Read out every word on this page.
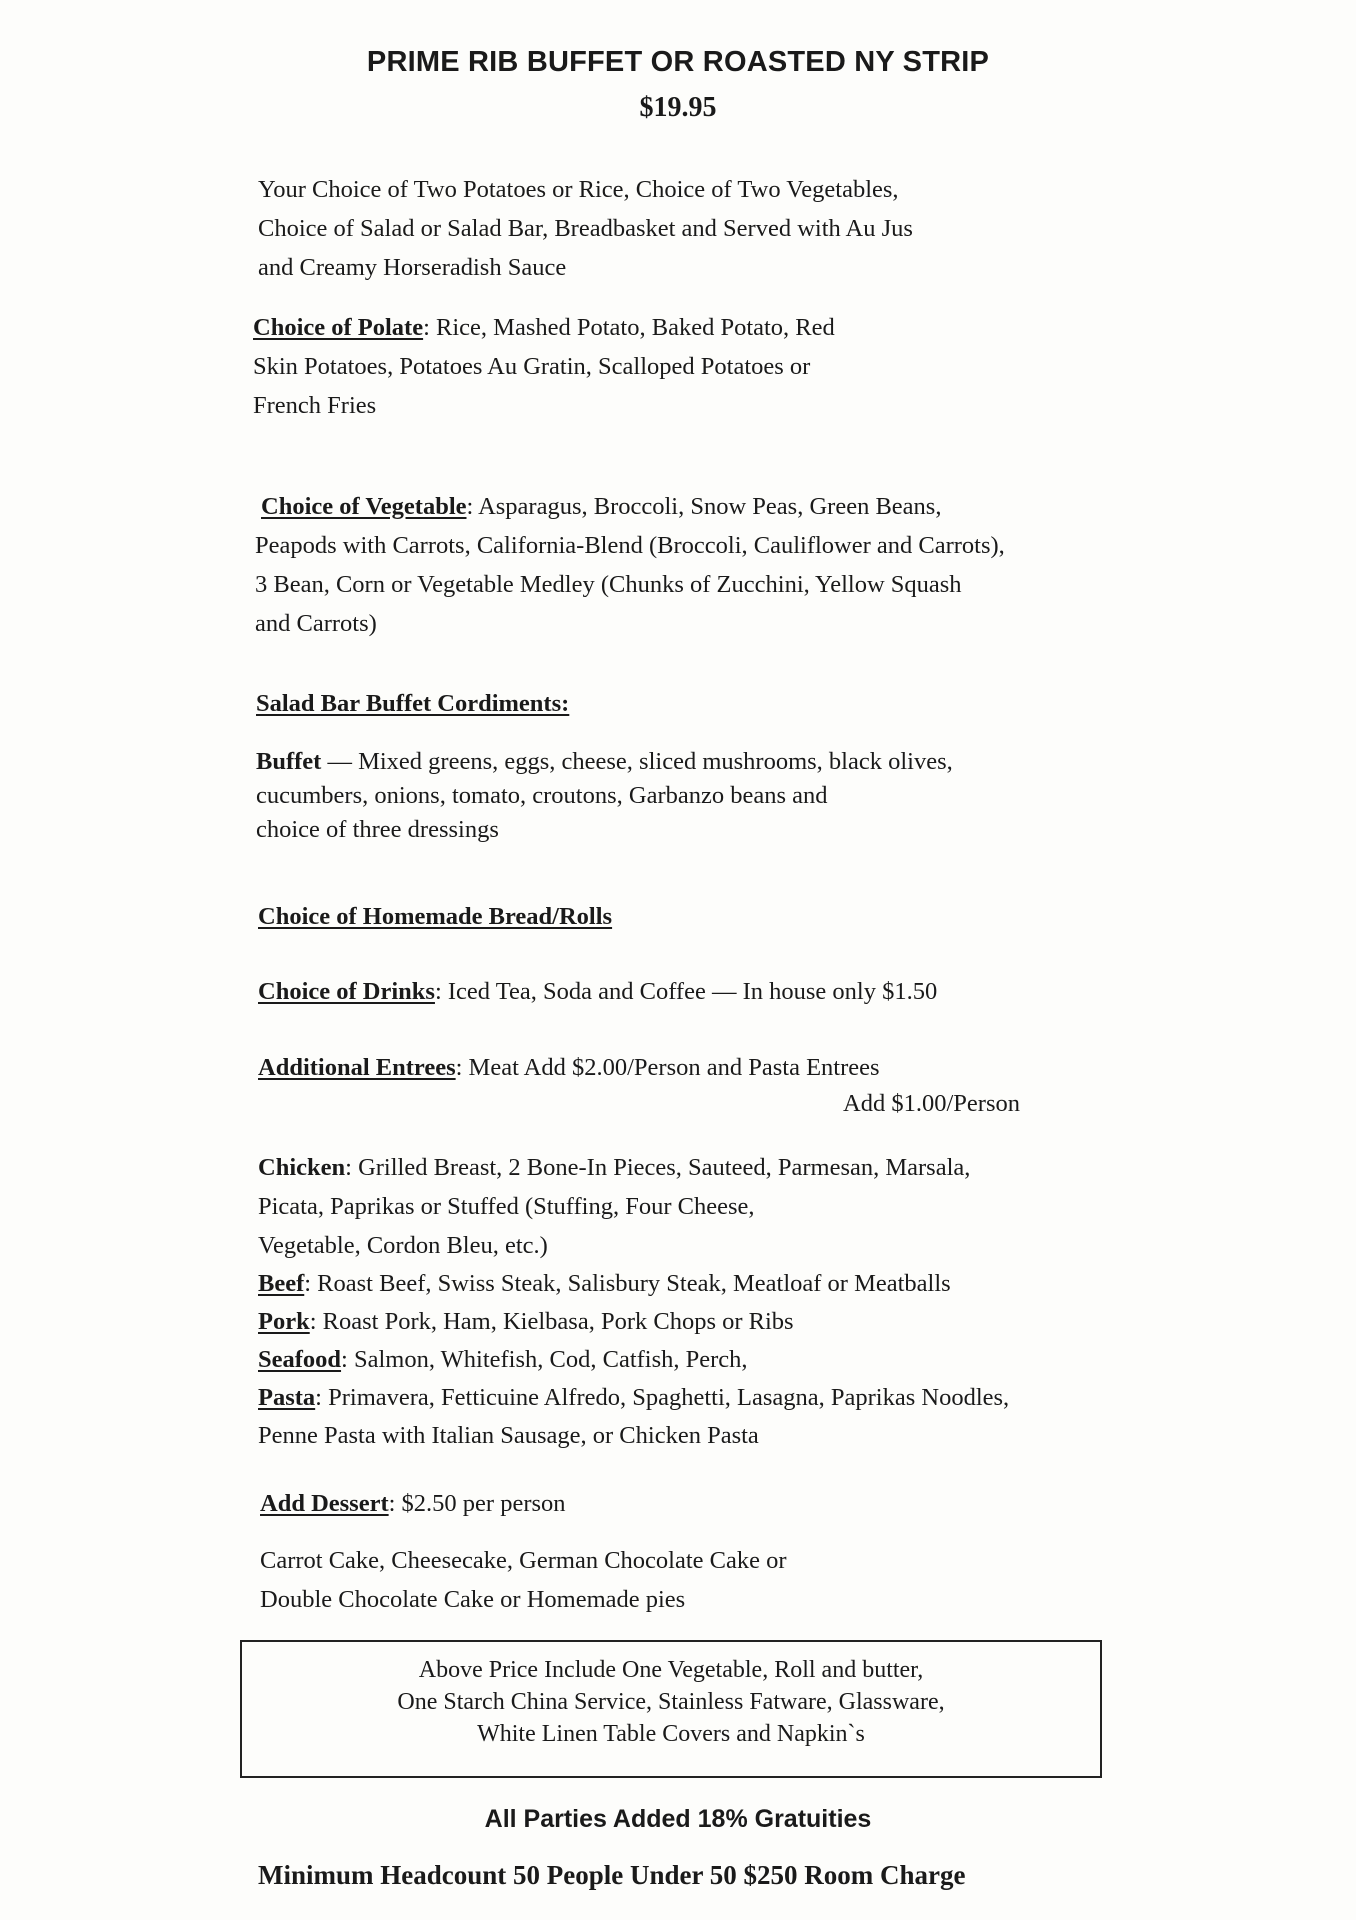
PRIME RIB BUFFET OR ROASTED NY STRIP
$19.95

Your Choice of Two Potatoes or Rice, Choice of Two Vegetables,

Choice of Salad or Salad Bar, Breadbasket and Served with Au Jus

and Creamy Horseradish Sauce

Choice of Polate: Rice, Mashed Potato, Baked Potato, Red

Skin Potatoes, Potatoes Au Gratin, Scalloped Potatoes or

French Fries

Choice of Vegetable: Asparagus, Broccoli, Snow Peas, Green Beans,

Peapods with Carrots, California-Blend (Broccoli, Cauliflower and Carrots),

3 Bean, Corn or Vegetable Medley (Chunks of Zucchini, Yellow Squash

and Carrots)

Salad Bar Buffet Cordiments:

Buffet — Mixed greens, eggs, cheese, sliced mushrooms, black olives,

cucumbers, onions, tomato, croutons, Garbanzo beans and

choice of three dressings

Choice of Homemade Bread/Rolls

Choice of Drinks: Iced Tea, Soda and Coffee — In house only $1.50

Additional Entrees: Meat Add $2.00/Person and Pasta Entrees

Add $1.00/Person

Chicken: Grilled Breast, 2 Bone-In Pieces, Sauteed, Parmesan, Marsala,

Picata, Paprikas or Stuffed (Stuffing, Four Cheese,

Vegetable, Cordon Bleu, etc.)

Beef: Roast Beef, Swiss Steak, Salisbury Steak, Meatloaf or Meatballs

Pork: Roast Pork, Ham, Kielbasa, Pork Chops or Ribs

Seafood: Salmon, Whitefish, Cod, Catfish, Perch,

Pasta: Primavera, Fetticuine Alfredo, Spaghetti, Lasagna, Paprikas Noodles,

Penne Pasta with Italian Sausage, or Chicken Pasta

Add Dessert: $2.50 per person

Carrot Cake, Cheesecake, German Chocolate Cake or

Double Chocolate Cake or Homemade pies

Above Price Include One Vegetable, Roll and butter,

One Starch China Service, Stainless Fatware, Glassware,

White Linen Table Covers and Napkin`s

All Parties Added 18% Gratuities
Minimum Headcount 50 People Under 50 $250 Room Charge
